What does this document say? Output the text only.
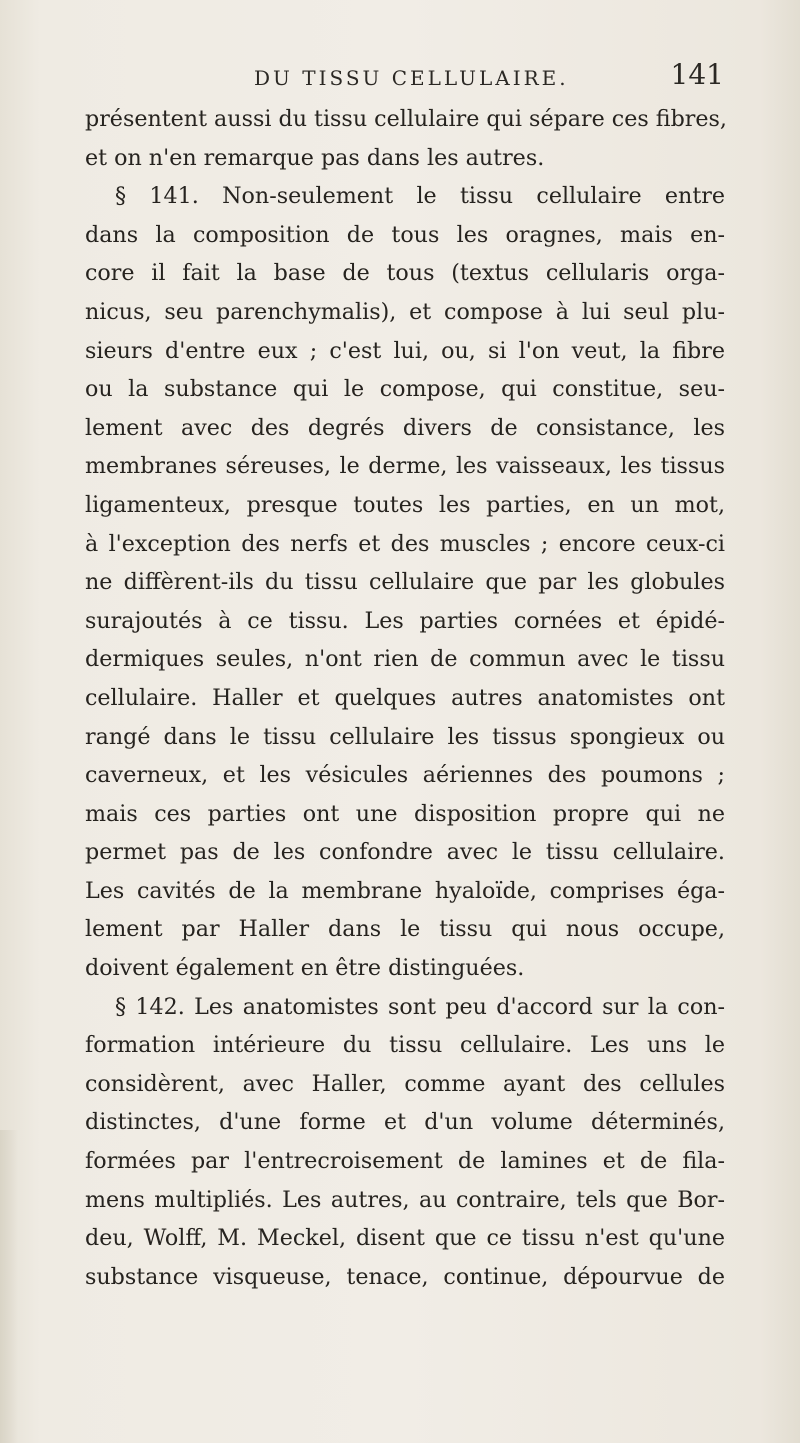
DU TISSU CELLULAIRE.	141
présentent aussi du tissu cellulaire qui sépare ces fibres,
et on n'en remarque pas dans les autres.
§ 141. Non-seulement le tissu cellulaire entre
dans la composition de tous les oragnes, mais en-
core il fait la base de tous (textus cellularis orga-
nicus, seu parenchymalis), et compose à lui seul plu-
sieurs d'entre eux ; c'est lui, ou, si l'on veut, la fibre
ou la substance qui le compose, qui constitue, seu-
lement avec des degrés divers de consistance, les
membranes séreuses, le derme, les vaisseaux, les tissus
ligamenteux, presque toutes les parties, en un mot,
à l'exception des nerfs et des muscles ; encore ceux-ci
ne diffèrent-ils du tissu cellulaire que par les globules
surajoutés à ce tissu. Les parties cornées et épidé-
dermiques seules, n'ont rien de commun avec le tissu
cellulaire. Haller et quelques autres anatomistes ont
rangé dans le tissu cellulaire les tissus spongieux ou
caverneux, et les vésicules aériennes des poumons ;
mais ces parties ont une disposition propre qui ne
permet pas de les confondre avec le tissu cellulaire.
Les cavités de la membrane hyaloïde, comprises éga-
lement par Haller dans le tissu qui nous occupe,
doivent également en être distinguées.
§ 142. Les anatomistes sont peu d'accord sur la con-
formation intérieure du tissu cellulaire. Les uns le
considèrent, avec Haller, comme ayant des cellules
distinctes, d'une forme et d'un volume déterminés,
formées par l'entrecroisement de lamines et de fila-
mens multipliés. Les autres, au contraire, tels que Bor-
deu, Wolff, M. Meckel, disent que ce tissu n'est qu'une
substance visqueuse, tenace, continue, dépourvue de
